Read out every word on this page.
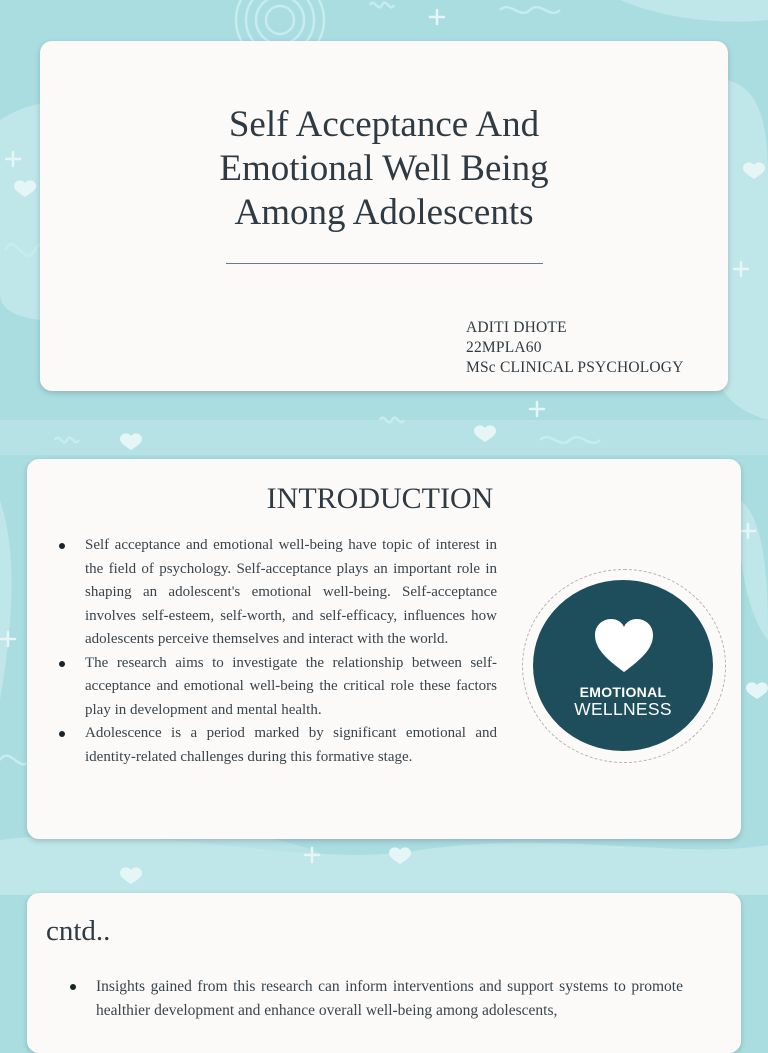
Self Acceptance And
Emotional Well Being
Among Adolescents
ADITI DHOTE
22MPLA60
MSc CLINICAL PSYCHOLOGY
INTRODUCTION
Self acceptance and emotional well-being have topic of interest in the field of psychology. Self-acceptance plays an important role in shaping an adolescent's emotional well-being. Self-acceptance involves self-esteem, self-worth, and self-efficacy, influences how adolescents perceive themselves and interact with the world.
The research aims to investigate the relationship between self-acceptance and emotional well-being the critical role these factors play in development and mental health.
Adolescence is a period marked by significant emotional and identity-related challenges during this formative stage.
EMOTIONAL
WELLNESS
cntd..
Insights gained from this research can inform interventions and support systems to promote healthier development and enhance overall well-being among adolescents,
